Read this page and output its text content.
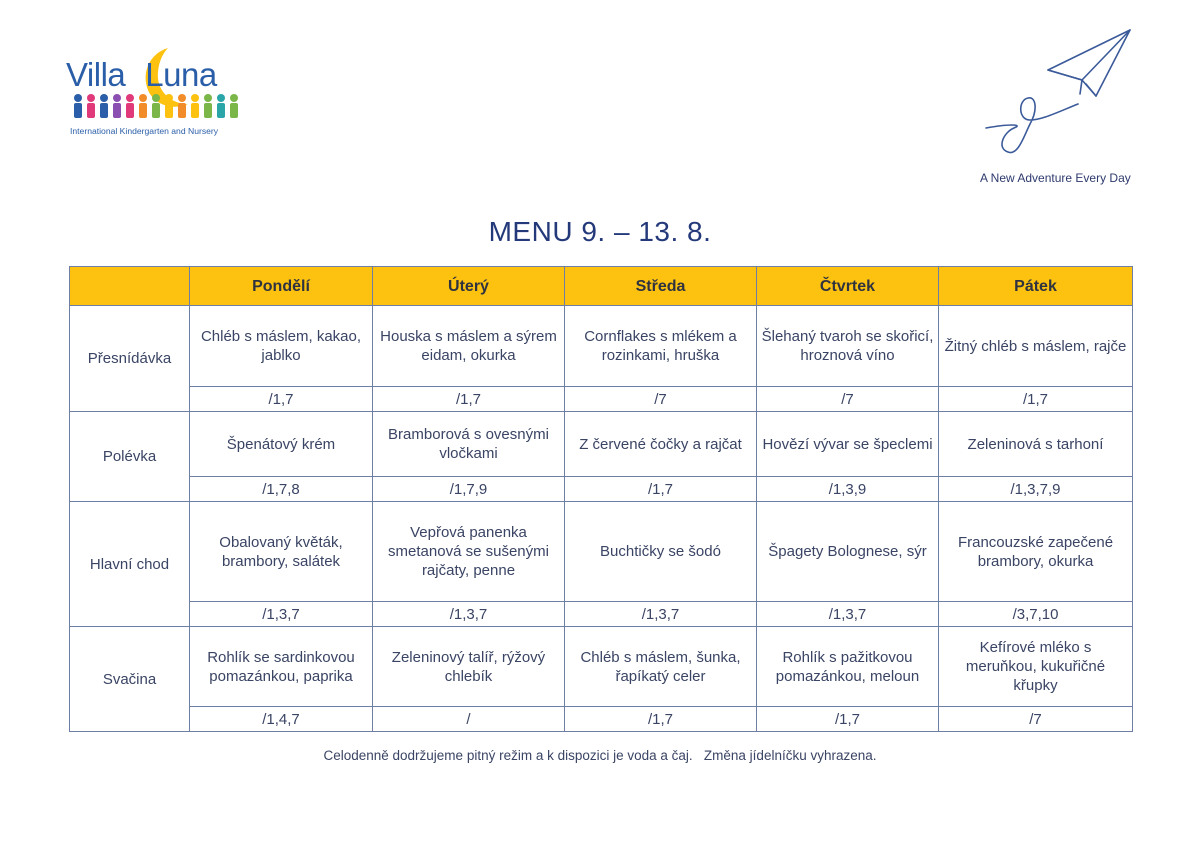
Villa Luna
International Kindergarten and Nursery
A New Adventure Every Day
MENU 9. – 13. 8.
	Pondělí	Úterý	Středa	Čtvrtek	Pátek
Přesnídávka	Chléb s máslem, kakao, jablko	Houska s máslem a sýrem eidam, okurka	Cornflakes s mlékem a rozinkami, hruška	Šlehaný tvaroh se skořicí, hroznová víno	Žitný chléb s máslem, rajče
	/1,7	/1,7	/7	/7	/1,7
Polévka	Špenátový krém	Bramborová s ovesnými vločkami	Z červené čočky a rajčat	Hovězí vývar se špeclemi	Zeleninová s tarhoní
	/1,7,8	/1,7,9	/1,7	/1,3,9	/1,3,7,9
Hlavní chod	Obalovaný květák, brambory, salátek	Vepřová panenka smetanová se sušenými rajčaty, penne	Buchtičky se šodó	Špagety Bolognese, sýr	Francouzské zapečené brambory, okurka
	/1,3,7	/1,3,7	/1,3,7	/1,3,7	/3,7,10
Svačina	Rohlík se sardinkovou pomazánkou, paprika	Zeleninový talíř, rýžový chlebík	Chléb s máslem, šunka, řapíkatý celer	Rohlík s pažitkovou pomazánkou, meloun	Kefírové mléko s meruňkou, kukuřičné křupky
	/1,4,7	/	/1,7	/1,7	/7
Celodenně dodržujeme pitný režim a k dispozici je voda a čaj.   Změna jídelníčku vyhrazena.
